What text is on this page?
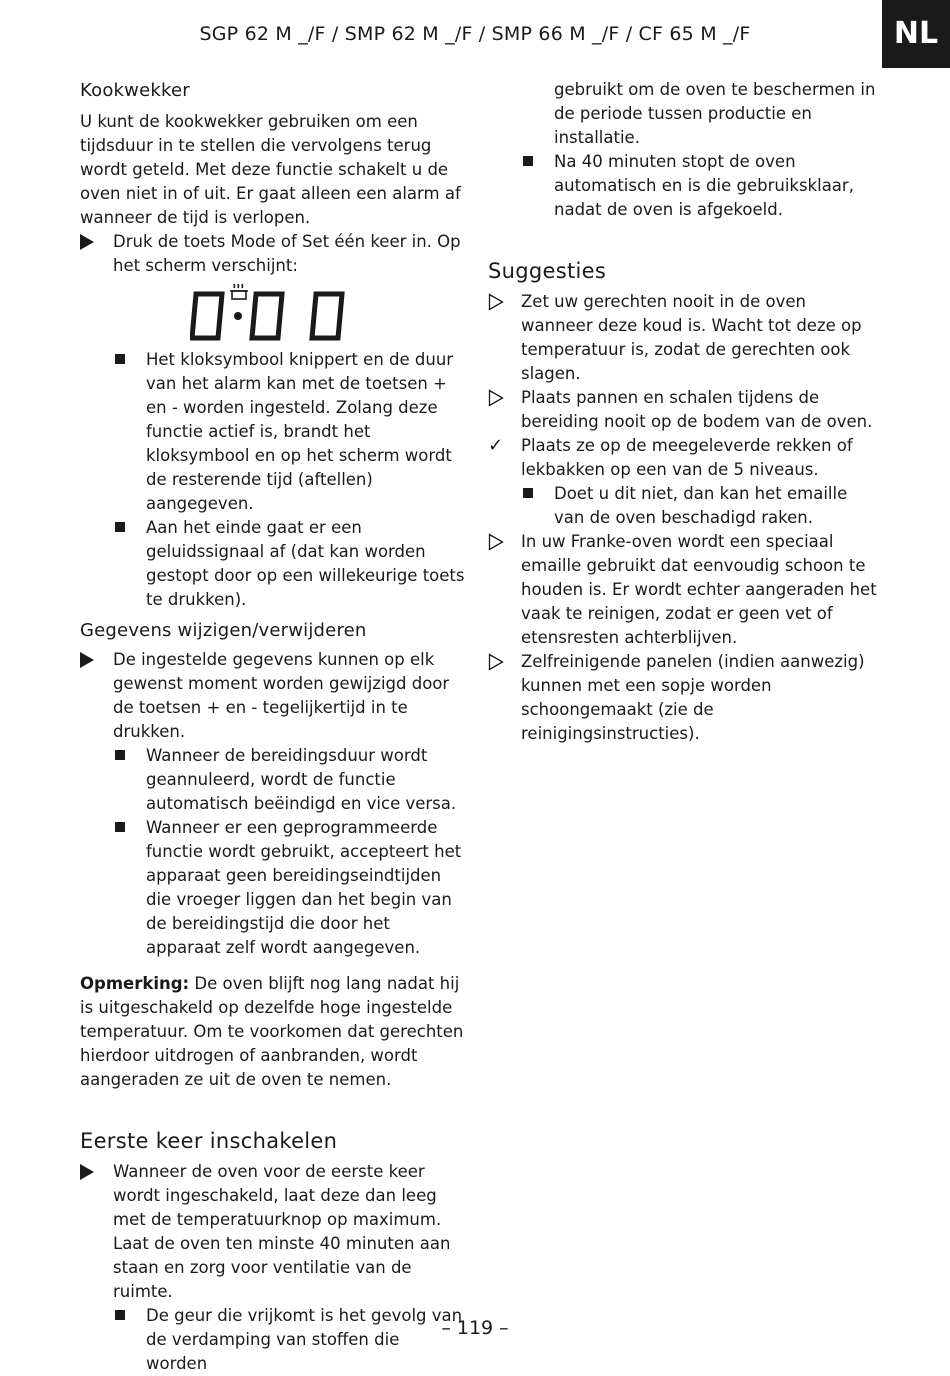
SGP 62 M _/F / SMP 62 M _/F / SMP 66 M _/F / CF 65 M _/F	NL
Kookwekker

U kunt de kookwekker gebruiken om een tijdsduur in te stellen die vervolgens terug wordt geteld. Met deze functie schakelt u de oven niet in of uit. Er gaat alleen een alarm af wanneer de tijd is verlopen.

Druk de toets Mode of Set één keer in. Op het scherm verschijnt:
Het kloksymbool knippert en de duur van het alarm kan met de toetsen + en - worden ingesteld. Zolang deze functie actief is, brandt het kloksymbool en op het scherm wordt de resterende tijd (aftellen) aangegeven.
Aan het einde gaat er een geluidssignaal af (dat kan worden gestopt door op een willekeurige toets te drukken).
Gegevens wijzigen/verwijderen
De ingestelde gegevens kunnen op elk gewenst moment worden gewijzigd door de toetsen + en - tegelijkertijd in te drukken.
Wanneer de bereidingsduur wordt geannuleerd, wordt de functie automatisch beëindigd en vice versa.
Wanneer er een geprogrammeerde functie wordt gebruikt, accepteert het apparaat geen bereidingseindtijden die vroeger liggen dan het begin van de bereidingstijd die door het apparaat zelf wordt aangegeven.

Opmerking: De oven blijft nog lang nadat hij is uitgeschakeld op dezelfde hoge ingestelde temperatuur. Om te voorkomen dat gerechten hierdoor uitdrogen of aanbranden, wordt aangeraden ze uit de oven te nemen.

Eerste keer inschakelen
Wanneer de oven voor de eerste keer wordt ingeschakeld, laat deze dan leeg met de temperatuurknop op maximum. Laat de oven ten minste 40 minuten aan staan en zorg voor ventilatie van de ruimte.
De geur die vrijkomt is het gevolg van de verdamping van stoffen die worden
gebruikt om de oven te beschermen in de periode tussen productie en installatie.
Na 40 minuten stopt de oven automatisch en is die gebruiksklaar, nadat de oven is afgekoeld.
Suggesties
Zet uw gerechten nooit in de oven wanneer deze koud is. Wacht tot deze op temperatuur is, zodat de gerechten ook slagen.
Plaats pannen en schalen tijdens de bereiding nooit op de bodem van de oven.
✓	Plaats ze op de meegeleverde rekken of lekbakken op een van de 5 niveaus.
Doet u dit niet, dan kan het emaille van de oven beschadigd raken.
In uw Franke-oven wordt een speciaal emaille gebruikt dat eenvoudig schoon te houden is. Er wordt echter aangeraden het vaak te reinigen, zodat er geen vet of etensresten achterblijven.
Zelfreinigende panelen (indien aanwezig) kunnen met een sopje worden schoongemaakt (zie de reinigingsinstructies).
– 119 –
